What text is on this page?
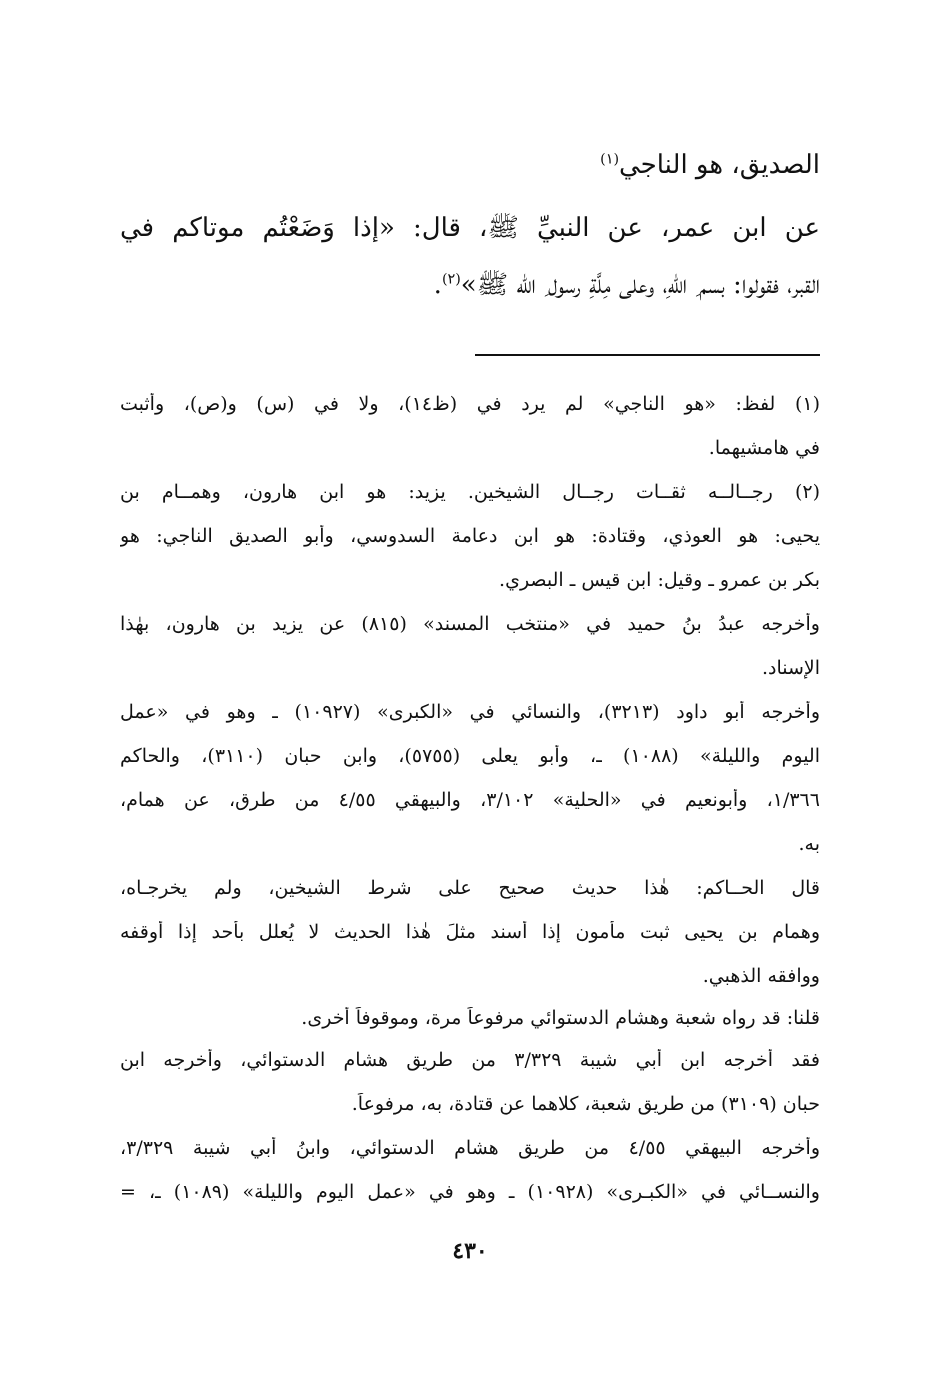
الصديق، هو الناجي$^{(١)}$
عن ابن عمر، عن النبيِّ ﷺ، قال: «إذا وَضَعْتُم موتاكم في
القبر، فقولوا: بسم ِ اللهِ، وعلى مِلَّةِ رسول ِ الله ﷺ»$^{(٢)}$.
(١) لفظ: «هو الناجي» لم يرد في (ظ١٤)، ولا في (س) و(ص)، وأثبت
في هامشيهما.
(٢) رجــالــه ثقــات رجــال الشيخين. يزيد: هو ابن هارون، وهمــام بن
يحيى: هو العوذي، وقتادة: هو ابن دعامة السدوسي، وأبو الصديق الناجي: هو
بكر بن عمرو ـ وقيل: ابن قيس ـ البصري.
وأخرجه عبدُ بنُ حميد في «منتخب المسند» (٨١٥) عن يزيد بن هارون، بهٰذا
الإسناد.
وأخرجه أبو داود (٣٢١٣)، والنسائي في «الكبرى» (١٠٩٢٧) ـ وهو في «عمل
اليوم والليلة» (١٠٨٨) ـ، وأبو يعلى (٥٧٥٥)، وابن حبان (٣١١٠)، والحاكم
١/٣٦٦، وأبونعيم في «الحلية» ٣/١٠٢، والبيهقي ٤/٥٥ من طرق، عن همام،
به.
قال الحــاكم: هٰذا حديث صحيح على شرط الشيخين، ولم يخرجـاه،
وهمام بن يحيى ثبت مأمون إذا أسند مثلَ هٰذا الحديث لا يُعلل بأحد إذا أوقفه
ووافقه الذهبي.
قلنا: قد رواه شعبة وهشام الدستوائي مرفوعاً مرة، وموقوفاً أخرى.
فقد أخرجه ابن أبي شيبة ٣/٣٢٩ من طريق هشام الدستوائي، وأخرجه ابن
حبان (٣١٠٩) من طريق شعبة، كلاهما عن قتادة، به، مرفوعاً.
وأخرجه البيهقي ٤/٥٥ من طريق هشام الدستوائي، وابنُ أبي شيبة ٣/٣٢٩،
والنســائي في «الكبـرى» (١٠٩٢٨) ـ وهو في «عمل اليوم والليلة» (١٠٨٩) ـ، =
٤٣٠
